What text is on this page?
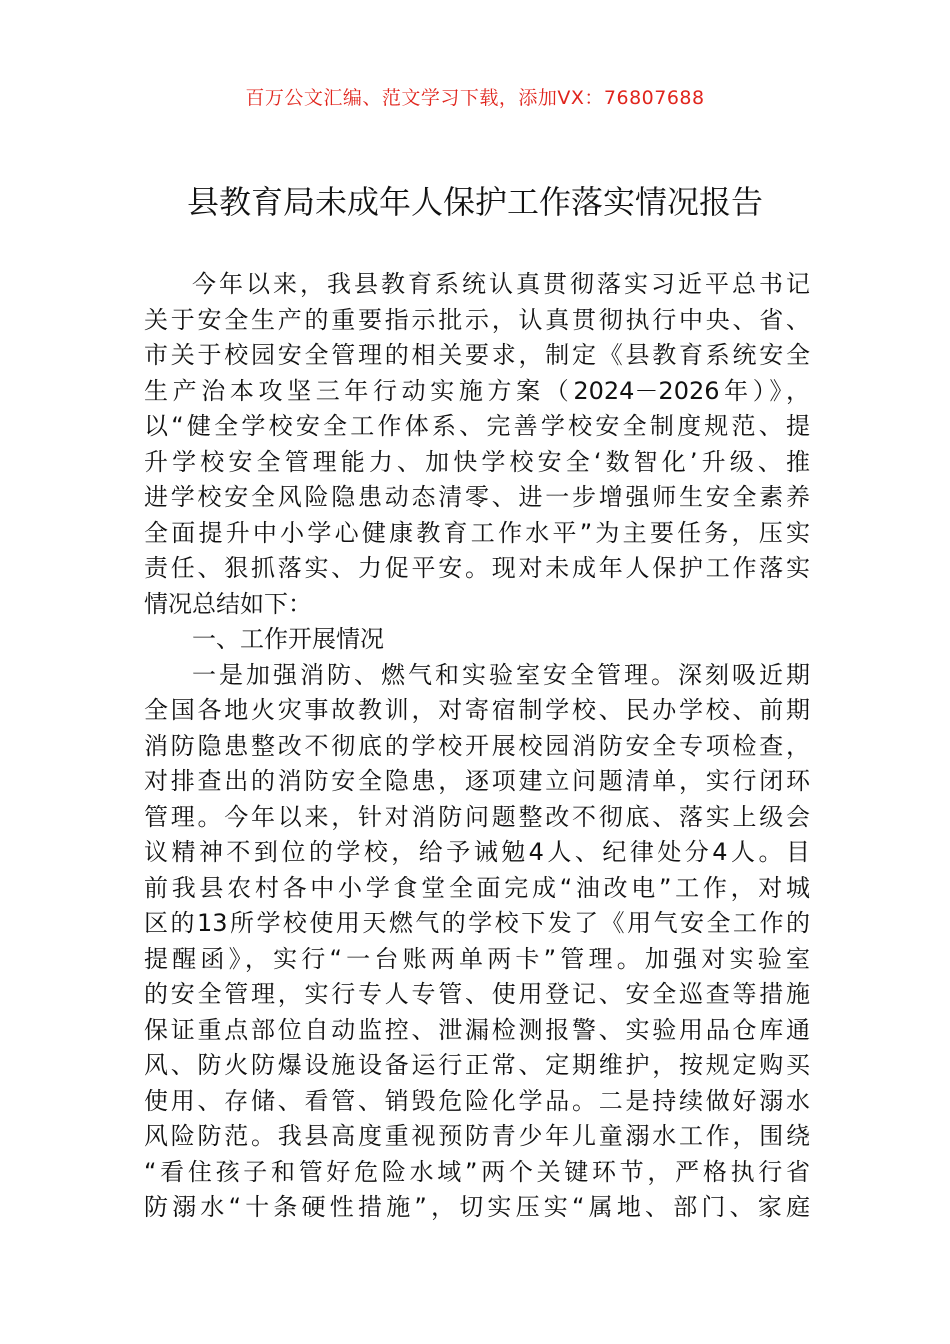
百万公文汇编、范文学习下载，添加VX：76807688
县教育局未成年人保护工作落实情况报告
今年以来，我县教育系统认真贯彻落实习近平总书记
关于安全生产的重要指示批示，认真贯彻执行中央、省、
市关于校园安全管理的相关要求，制定《县教育系统安全
生产治本攻坚三年行动实施方案（2024－2026年）》，
以“健全学校安全工作体系、完善学校安全制度规范、提
升学校安全管理能力、加快学校安全‘数智化’升级、推
进学校安全风险隐患动态清零、进一步增强师生安全素养
全面提升中小学心健康教育工作水平”为主要任务，压实
责任、狠抓落实、力促平安。现对未成年人保护工作落实
情况总结如下：
一、工作开展情况
一是加强消防、燃气和实验室安全管理。深刻吸近期
全国各地火灾事故教训，对寄宿制学校、民办学校、前期
消防隐患整改不彻底的学校开展校园消防安全专项检查，
对排查出的消防安全隐患，逐项建立问题清单，实行闭环
管理。今年以来，针对消防问题整改不彻底、落实上级会
议精神不到位的学校，给予诫勉4人、纪律处分4人。目
前我县农村各中小学食堂全面完成“油改电”工作，对城
区的13所学校使用天燃气的学校下发了《用气安全工作的
提醒函》，实行“一台账两单两卡”管理。加强对实验室
的安全管理，实行专人专管、使用登记、安全巡查等措施
保证重点部位自动监控、泄漏检测报警、实验用品仓库通
风、防火防爆设施设备运行正常、定期维护，按规定购买
使用、存储、看管、销毁危险化学品。二是持续做好溺水
风险防范。我县高度重视预防青少年儿童溺水工作，围绕
“看住孩子和管好危险水域”两个关键环节，严格执行省
防溺水“十条硬性措施”，切实压实“属地、部门、家庭
